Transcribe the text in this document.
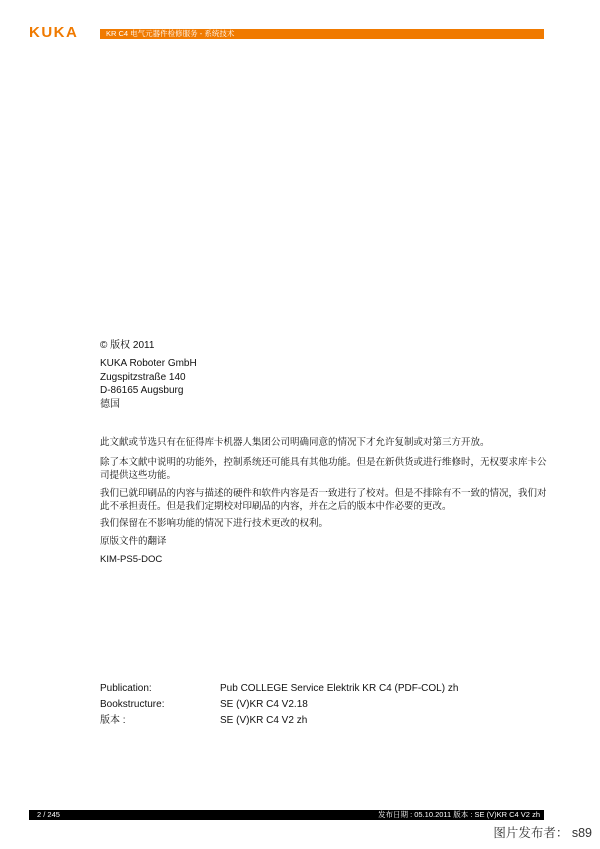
KUKA	KR C4 电气元器件检修服务 - 系统技术
© 版权 2011
KUKA Roboter GmbH
Zugspitzstraße 140
D-86165 Augsburg
德国
此文献或节选只有在征得库卡机器人集团公司明确同意的情况下才允许复制或对第三方开放。
除了本文献中说明的功能外，控制系统还可能具有其他功能。但是在新供货或进行维修时，无权要求库卡公司提供这些功能。
我们已就印刷品的内容与描述的硬件和软件内容是否一致进行了校对。但是不排除有不一致的情况，我们对此不承担责任。但是我们定期校对印刷品的内容，并在之后的版本中作必要的更改。
我们保留在不影响功能的情况下进行技术更改的权利。
原版文件的翻译
KIM-PS5-DOC
Publication:	Pub COLLEGE Service Elektrik KR C4 (PDF-COL) zh
Bookstructure:	SE (V)KR C4 V2.18
版本 :	SE (V)KR C4 V2 zh
2 / 245	发布日期 : 05.10.2011 版本 : SE (V)KR C4 V2 zh
图片发布者： s89
